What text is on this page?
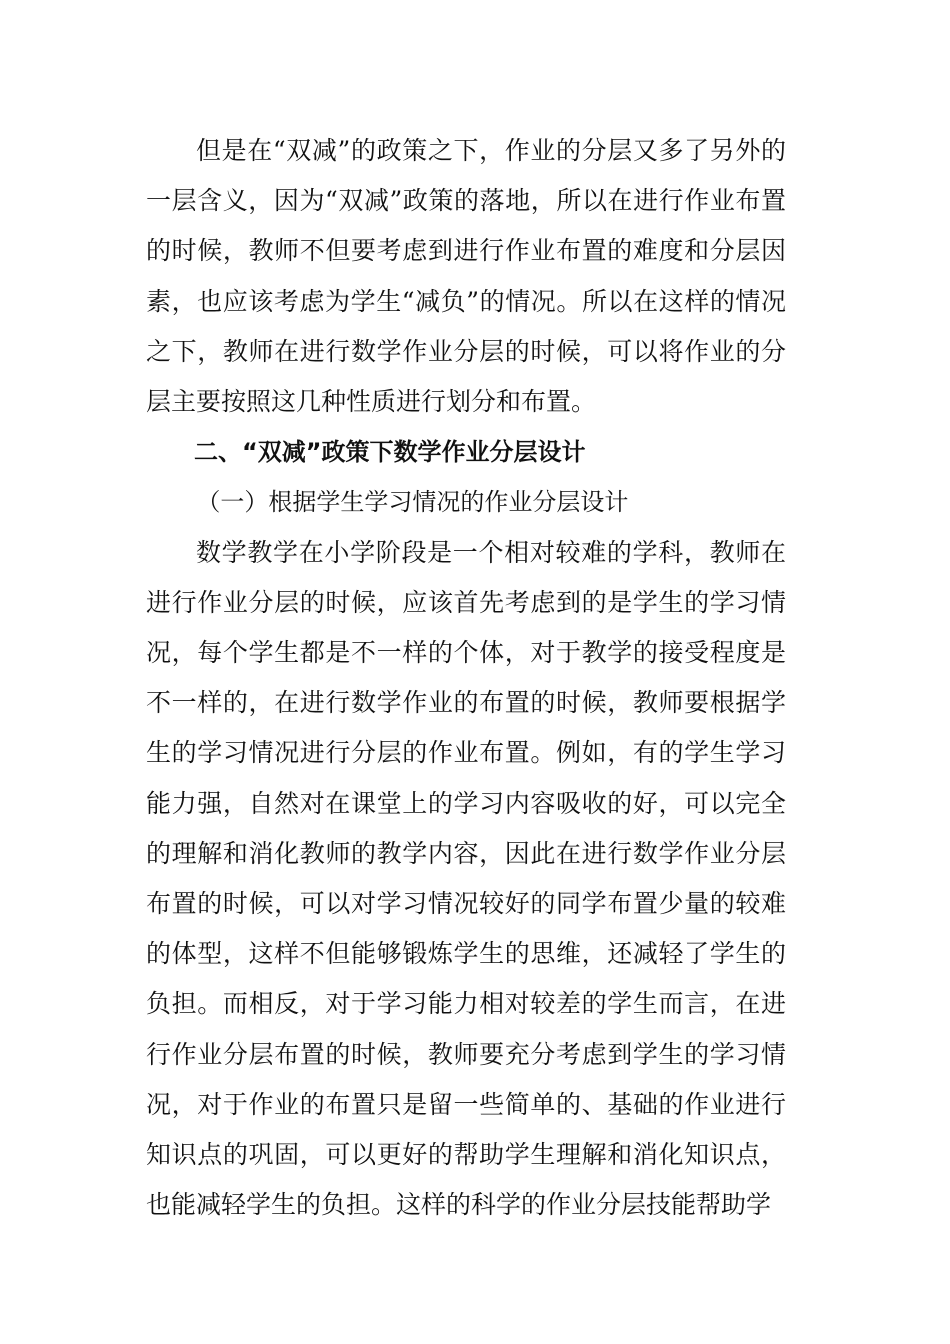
但是在“双减”的政策之下，作业的分层又多了另外的一层含义，因为“双减”政策的落地，所以在进行作业布置的时候，教师不但要考虑到进行作业布置的难度和分层因素，也应该考虑为学生“减负”的情况。所以在这样的情况之下，教师在进行数学作业分层的时候，可以将作业的分层主要按照这几种性质进行划分和布置。

二、“双减”政策下数学作业分层设计

（一）根据学生学习情况的作业分层设计

数学教学在小学阶段是一个相对较难的学科，教师在进行作业分层的时候，应该首先考虑到的是学生的学习情况，每个学生都是不一样的个体，对于教学的接受程度是不一样的，在进行数学作业的布置的时候，教师要根据学生的学习情况进行分层的作业布置。例如，有的学生学习能力强，自然对在课堂上的学习内容吸收的好，可以完全的理解和消化教师的教学内容，因此在进行数学作业分层布置的时候，可以对学习情况较好的同学布置少量的较难的体型，这样不但能够锻炼学生的思维，还减轻了学生的负担。而相反，对于学习能力相对较差的学生而言，在进行作业分层布置的时候，教师要充分考虑到学生的学习情况，对于作业的布置只是留一些简单的、基础的作业进行知识点的巩固，可以更好的帮助学生理解和消化知识点，也能减轻学生的负担。这样的科学的作业分层技能帮助学
